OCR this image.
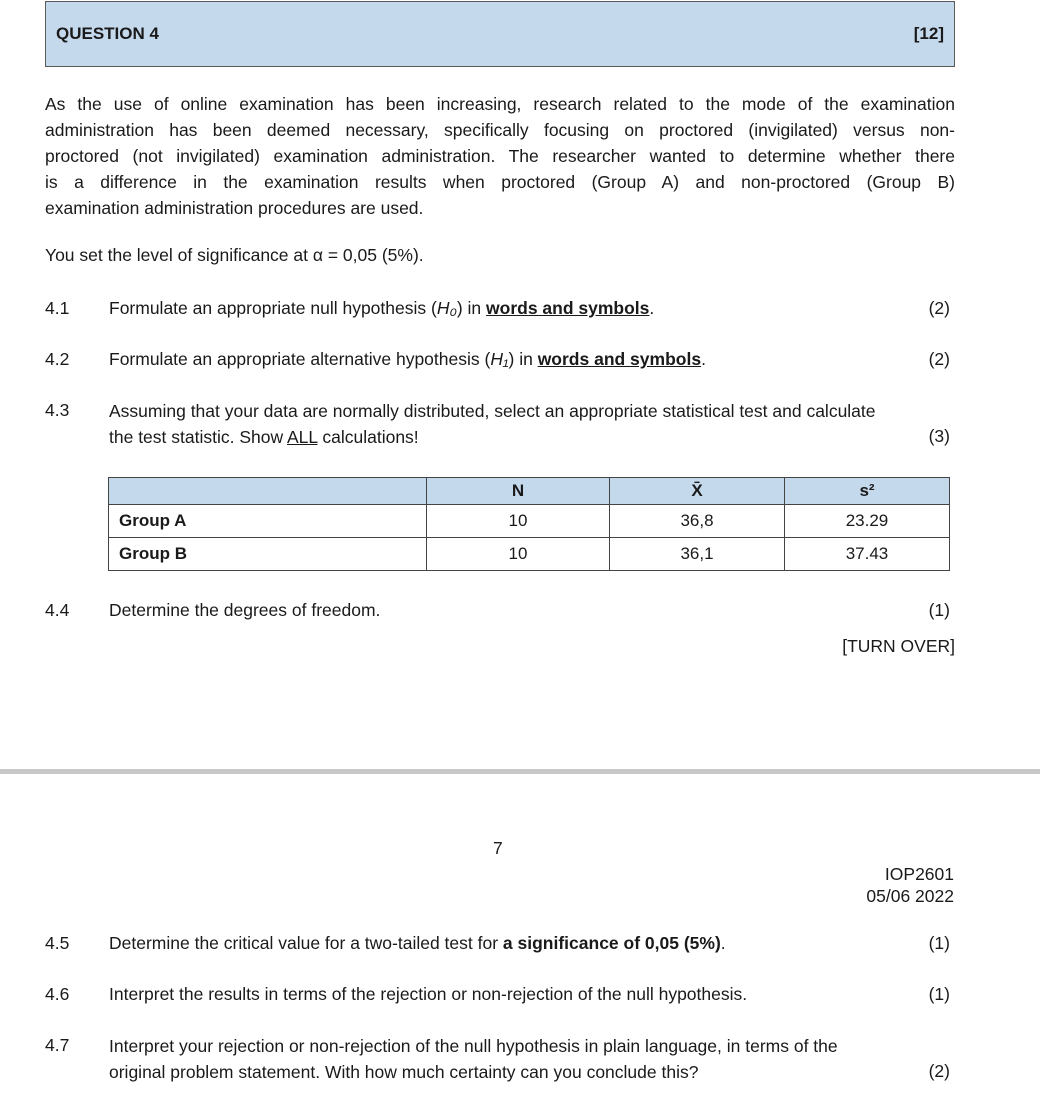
QUESTION 4	[12]
As the use of online examination has been increasing, research related to the mode of the examination
administration has been deemed necessary, specifically focusing on proctored (invigilated) versus non-
proctored (not invigilated) examination administration. The researcher wanted to determine whether there
is a difference in the examination results when proctored (Group A) and non-proctored (Group B)
examination administration procedures are used.
You set the level of significance at α = 0,05 (5%).
4.1 Formulate an appropriate null hypothesis (H₀) in words and symbols.	(2)
4.2 Formulate an appropriate alternative hypothesis (H₁) in words and symbols.	(2)
4.3 Assuming that your data are normally distributed, select an appropriate statistical test and calculate
the test statistic. Show ALL calculations!	(3)
	N	X̄	s²
Group A	10	36,8	23.29
Group B	10	36,1	37.43
4.4 Determine the degrees of freedom.	(1)
[TURN OVER]
7
IOP2601
05/06 2022
4.5 Determine the critical value for a two-tailed test for a significance of 0,05 (5%).	(1)
4.6 Interpret the results in terms of the rejection or non-rejection of the null hypothesis.	(1)
4.7 Interpret your rejection or non-rejection of the null hypothesis in plain language, in terms of the
original problem statement. With how much certainty can you conclude this?	(2)
